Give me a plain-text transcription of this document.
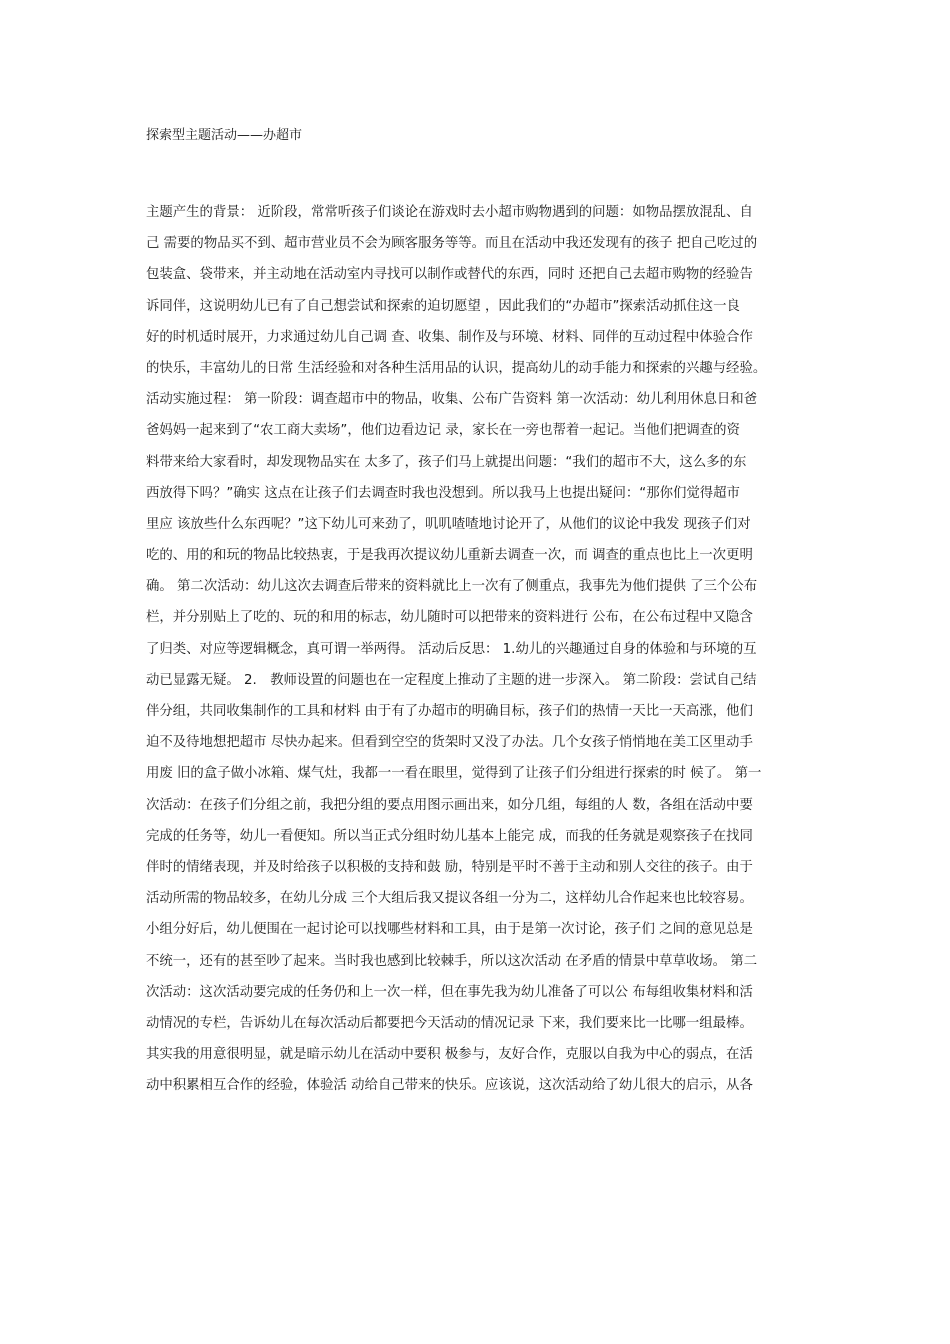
探索型主题活动——办超市
主题产生的背景： 近阶段，常常听孩子们谈论在游戏时去小超市购物遇到的问题：如物品摆放混乱、自
己 需要的物品买不到、超市营业员不会为顾客服务等等。而且在活动中我还发现有的孩子 把自己吃过的
包装盒、袋带来，并主动地在活动室内寻找可以制作或替代的东西，同时 还把自己去超市购物的经验告
诉同伴，这说明幼儿已有了自己想尝试和探索的迫切愿望 ，因此我们的“办超市”探索活动抓住这一良
好的时机适时展开，力求通过幼儿自己调 查、收集、制作及与环境、材料、同伴的互动过程中体验合作
的快乐，丰富幼儿的日常 生活经验和对各种生活用品的认识，提高幼儿的动手能力和探索的兴趣与经验。
活动实施过程： 第一阶段：调查超市中的物品，收集、公布广告资料 第一次活动：幼儿利用休息日和爸
爸妈妈一起来到了“农工商大卖场”，他们边看边记 录，家长在一旁也帮着一起记。当他们把调查的资
料带来给大家看时，却发现物品实在 太多了，孩子们马上就提出问题：“我们的超市不大，这么多的东
西放得下吗？”确实 这点在让孩子们去调查时我也没想到。所以我马上也提出疑问：“那你们觉得超市
里应 该放些什么东西呢？”这下幼儿可来劲了，叽叽喳喳地讨论开了，从他们的议论中我发 现孩子们对
吃的、用的和玩的物品比较热衷，于是我再次提议幼儿重新去调查一次，而 调查的重点也比上一次更明
确。 第二次活动：幼儿这次去调查后带来的资料就比上一次有了侧重点，我事先为他们提供 了三个公布
栏，并分别贴上了吃的、玩的和用的标志，幼儿随时可以把带来的资料进行 公布，在公布过程中又隐含
了归类、对应等逻辑概念，真可谓一举两得。 活动后反思： 1.幼儿的兴趣通过自身的体验和与环境的互
动已显露无疑。 2.　教师设置的问题也在一定程度上推动了主题的进一步深入。 第二阶段：尝试自己结
伴分组，共同收集制作的工具和材料 由于有了办超市的明确目标，孩子们的热情一天比一天高涨，他们
迫不及待地想把超市 尽快办起来。但看到空空的货架时又没了办法。几个女孩子悄悄地在美工区里动手
用废 旧的盒子做小冰箱、煤气灶，我都一一看在眼里，觉得到了让孩子们分组进行探索的时 候了。 第一
次活动：在孩子们分组之前，我把分组的要点用图示画出来，如分几组，每组的人 数，各组在活动中要
完成的任务等，幼儿一看便知。所以当正式分组时幼儿基本上能完 成，而我的任务就是观察孩子在找同
伴时的情绪表现，并及时给孩子以积极的支持和鼓 励，特别是平时不善于主动和别人交往的孩子。由于
活动所需的物品较多，在幼儿分成 三个大组后我又提议各组一分为二，这样幼儿合作起来也比较容易。
小组分好后，幼儿便围在一起讨论可以找哪些材料和工具，由于是第一次讨论，孩子们 之间的意见总是
不统一，还有的甚至吵了起来。当时我也感到比较棘手，所以这次活动 在矛盾的情景中草草收场。 第二
次活动：这次活动要完成的任务仍和上一次一样，但在事先我为幼儿准备了可以公 布每组收集材料和活
动情况的专栏，告诉幼儿在每次活动后都要把今天活动的情况记录 下来，我们要来比一比哪一组最棒。
其实我的用意很明显，就是暗示幼儿在活动中要积 极参与，友好合作，克服以自我为中心的弱点，在活
动中积累相互合作的经验，体验活 动给自己带来的快乐。应该说，这次活动给了幼儿很大的启示，从各
